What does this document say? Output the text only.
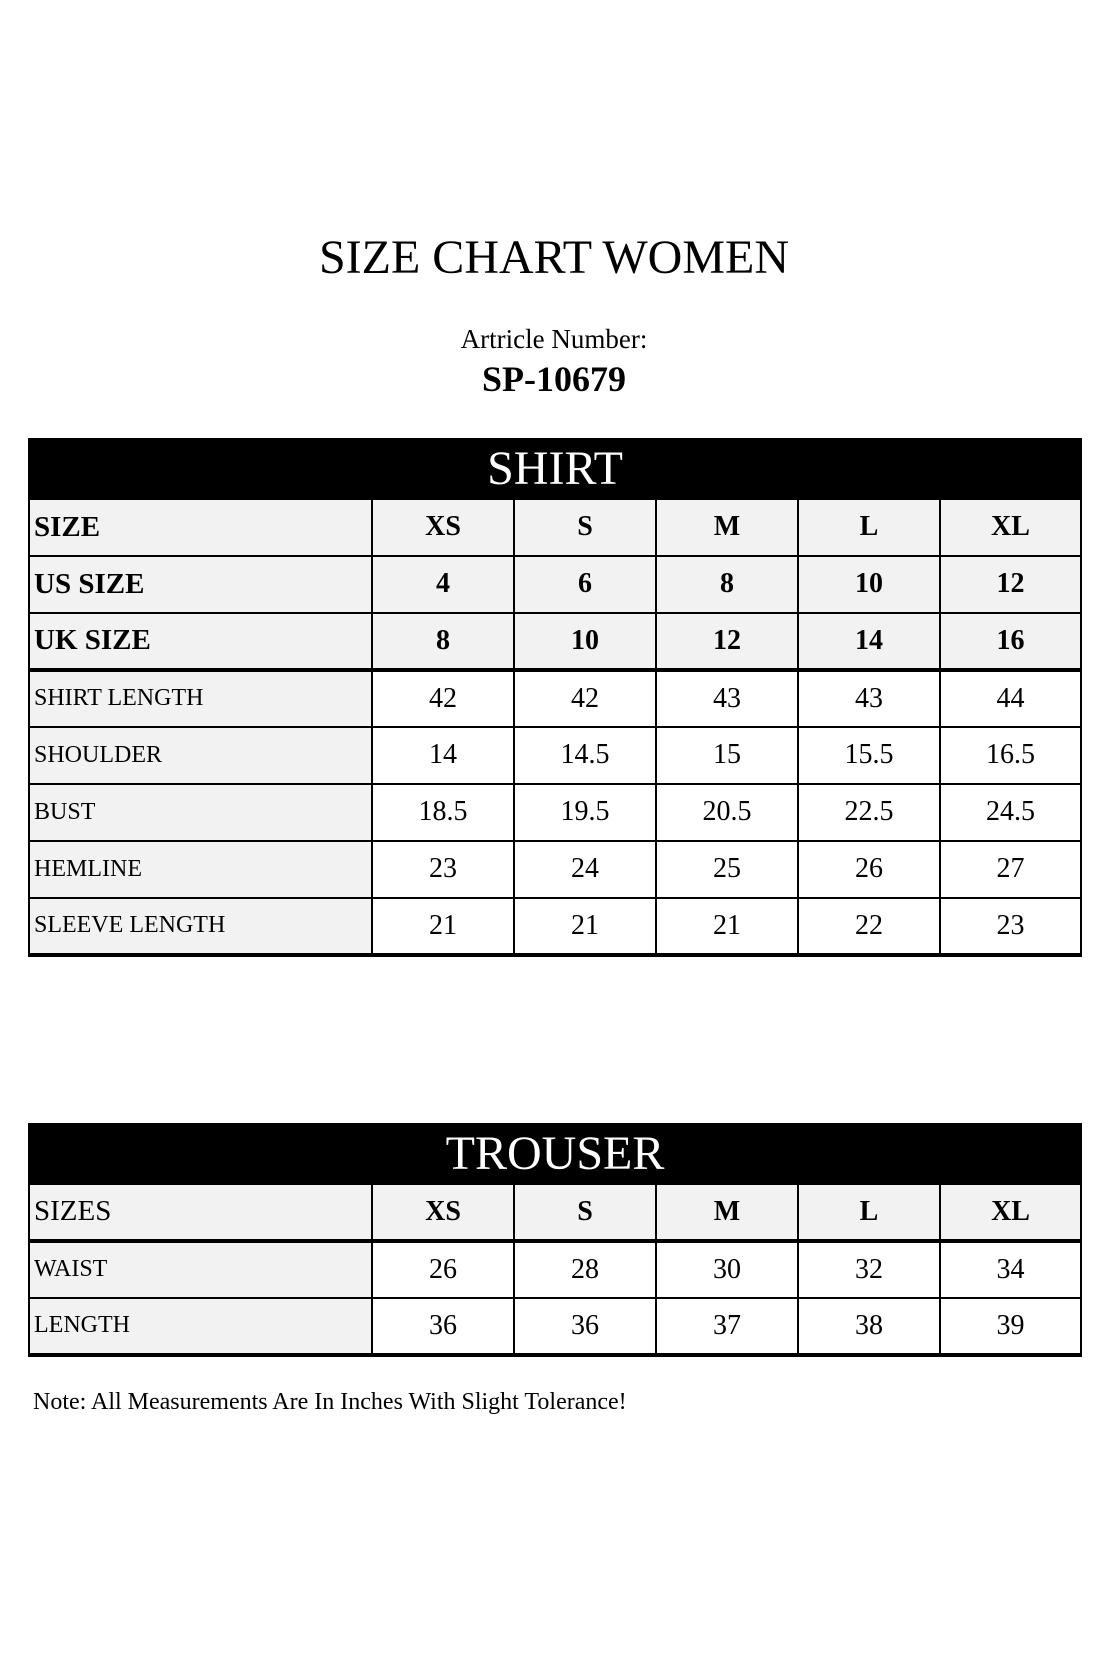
SIZE CHART WOMEN
Artricle Number:
SP-10679
SHIRT					
SIZE	XS	S	M	L	XL
US SIZE	4	6	8	10	12
UK SIZE	8	10	12	14	16
SHIRT LENGTH	42	42	43	43	44
SHOULDER	14	14.5	15	15.5	16.5
BUST	18.5	19.5	20.5	22.5	24.5
HEMLINE	23	24	25	26	27
SLEEVE LENGTH	21	21	21	22	23
TROUSER					
SIZES	XS	S	M	L	XL
WAIST	26	28	30	32	34
LENGTH	36	36	37	38	39
Note: All Measurements Are In Inches With Slight Tolerance!
